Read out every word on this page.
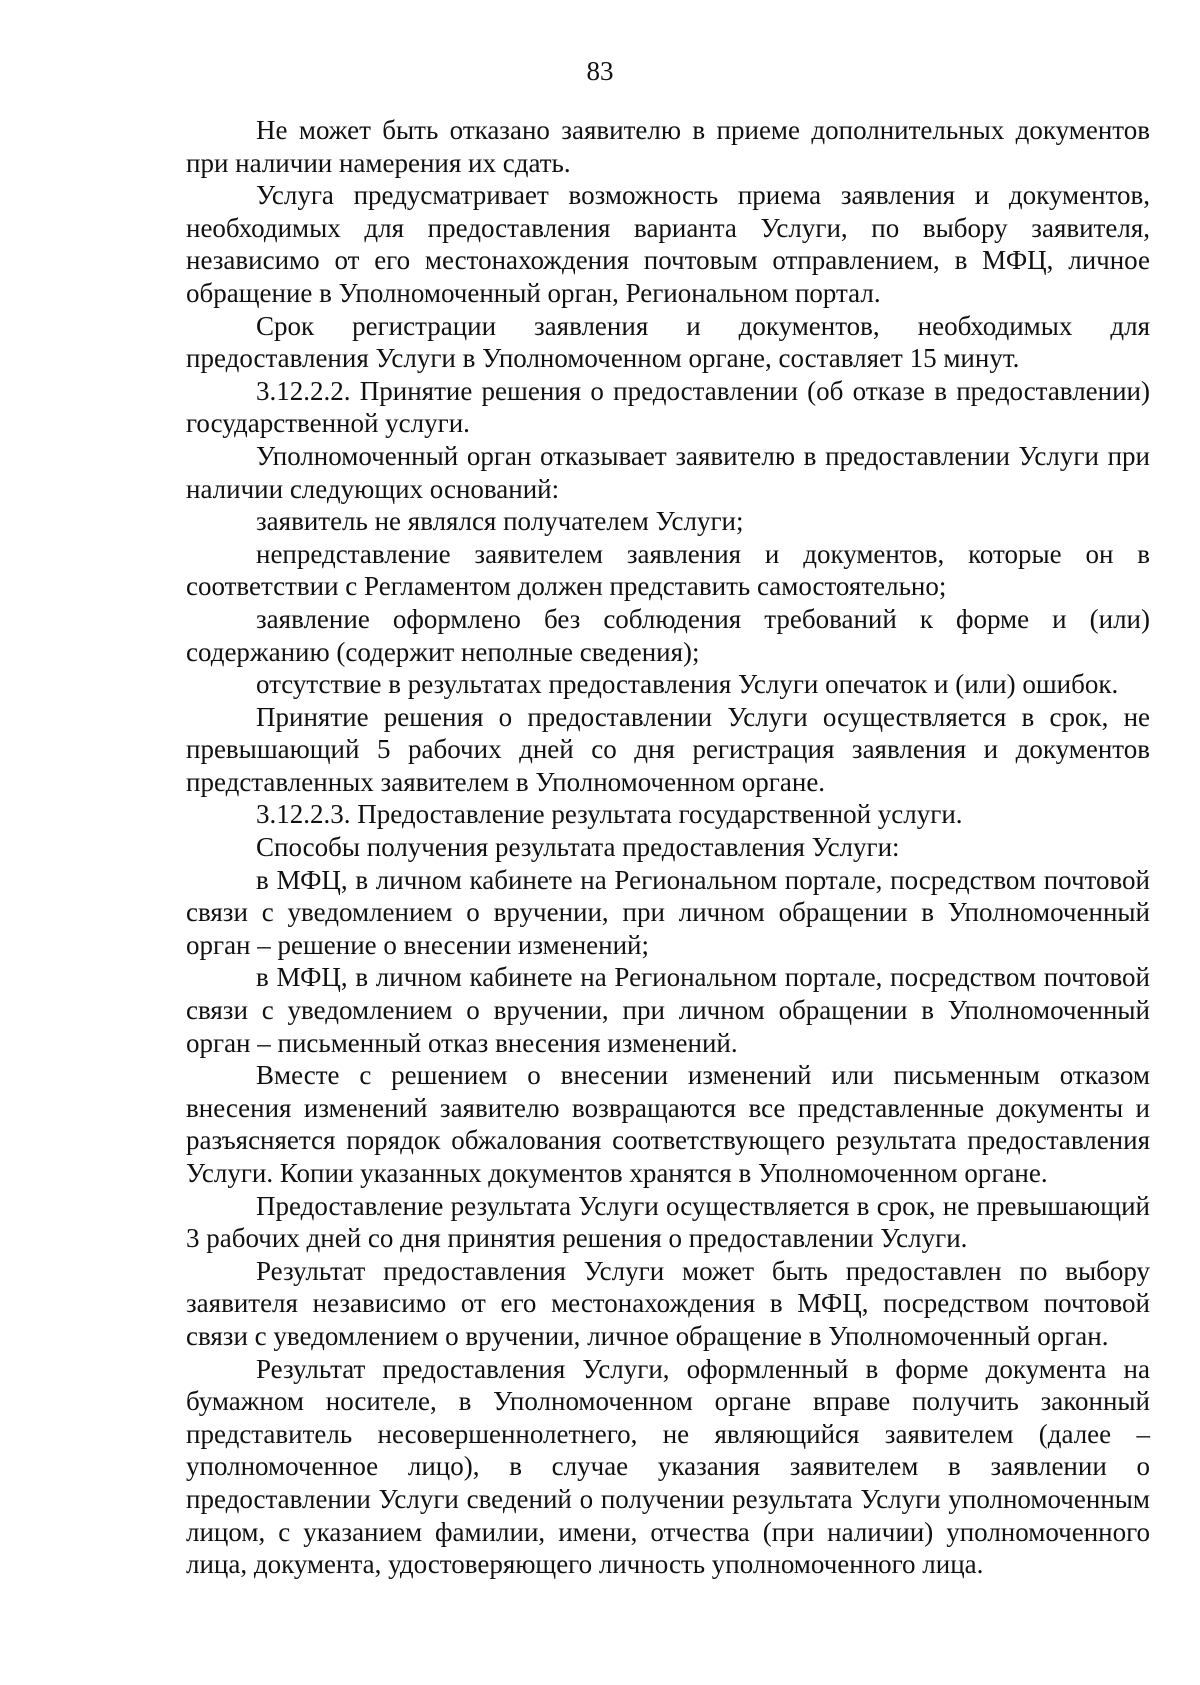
83

Не может быть отказано заявителю в приеме дополнительных документов при наличии намерения их сдать.

Услуга предусматривает возможность приема заявления и документов, необходимых для предоставления варианта Услуги, по выбору заявителя, независимо от его местонахождения почтовым отправлением, в МФЦ, личное обращение в Уполномоченный орган, Региональном портал.

Срок регистрации заявления и документов, необходимых для предоставления Услуги в Уполномоченном органе, составляет 15 минут.

3.12.2.2. Принятие решения о предоставлении (об отказе в предоставлении) государственной услуги.

Уполномоченный орган отказывает заявителю в предоставлении Услуги при наличии следующих оснований:

заявитель не являлся получателем Услуги;

непредставление заявителем заявления и документов, которые он в соответствии с Регламентом должен представить самостоятельно;

заявление оформлено без соблюдения требований к форме и (или) содержанию (содержит неполные сведения);

отсутствие в результатах предоставления Услуги опечаток и (или) ошибок.

Принятие решения о предоставлении Услуги осуществляется в срок, не превышающий 5 рабочих дней со дня регистрация заявления и документов представленных заявителем в Уполномоченном органе.

3.12.2.3. Предоставление результата государственной услуги.

Способы получения результата предоставления Услуги:

в МФЦ, в личном кабинете на Региональном портале, посредством почтовой связи с уведомлением о вручении, при личном обращении в Уполномоченный орган – решение о внесении изменений;

в МФЦ, в личном кабинете на Региональном портале, посредством почтовой связи с уведомлением о вручении, при личном обращении в Уполномоченный орган – письменный отказ внесения изменений.

Вместе с решением о внесении изменений или письменным отказом внесения изменений заявителю возвращаются все представленные документы и разъясняется порядок обжалования соответствующего результата предоставления Услуги. Копии указанных документов хранятся в Уполномоченном органе.

Предоставление результата Услуги осуществляется в срок, не превышающий 3 рабочих дней со дня принятия решения о предоставлении Услуги.

Результат предоставления Услуги может быть предоставлен по выбору заявителя независимо от его местонахождения в МФЦ, посредством почтовой связи с уведомлением о вручении, личное обращение в Уполномоченный орган.

Результат предоставления Услуги, оформленный в форме документа на бумажном носителе, в Уполномоченном органе вправе получить законный представитель несовершеннолетнего, не являющийся заявителем (далее – уполномоченное лицо), в случае указания заявителем в заявлении о предоставлении Услуги сведений о получении результата Услуги уполномоченным лицом, с указанием фамилии, имени, отчества (при наличии) уполномоченного лица, документа, удостоверяющего личность уполномоченного лица.
